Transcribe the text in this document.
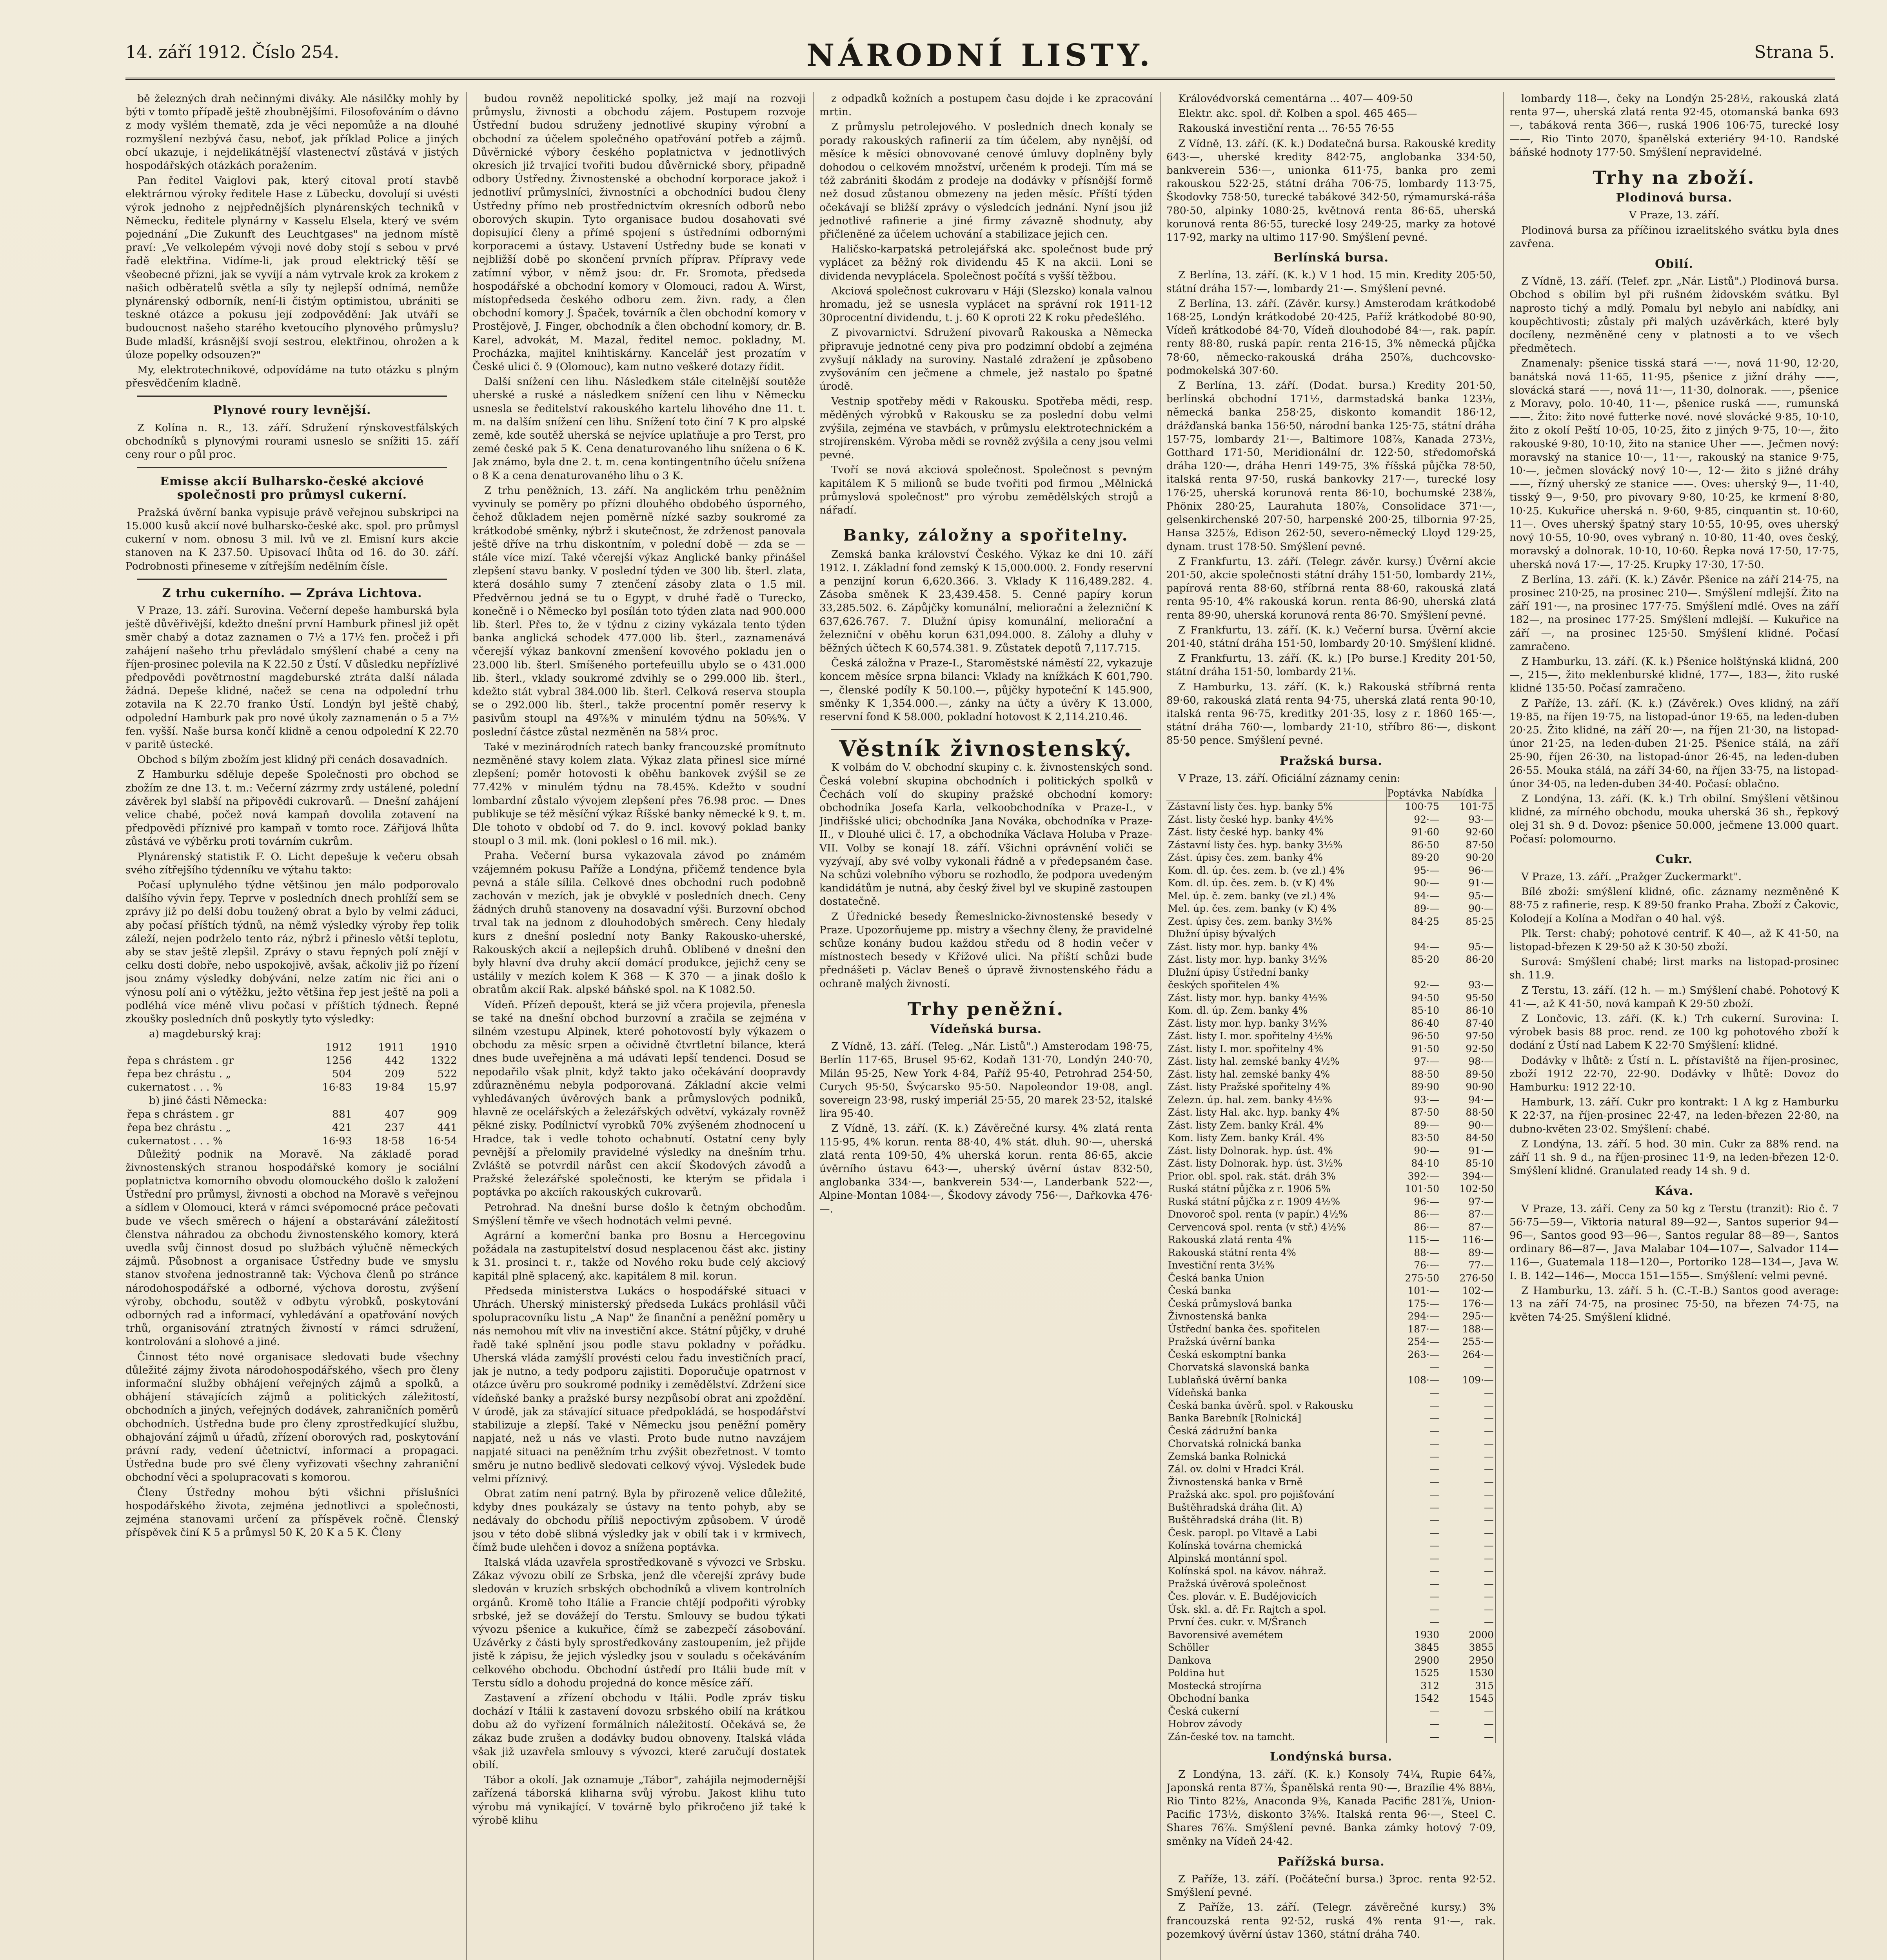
14. září 1912. Číslo 254.	NÁRODNÍ LISTY.	Strana 5.

bě železných drah nečinnými diváky. Ale násilčky mohly by býti v tomto případě ještě zhoubnějšími. Filosofováním o dávno z mody vyšlém thematě, zda je věci nepomůže a na dlouhé rozmyšlení nezbývá času, neboť, jak příklad Police a jiných obcí ukazuje, i nejdelikátnější vlastenectví zůstává v jistých hospodářských otázkách poražením.

Pan ředitel Vaiglovi pak, který citoval protí stavbě elektrárnou výroky ředitele Hase z Lübecku, dovolují si uvésti výrok jednoho z nejpřednějších plynárenských techniků v Německu, ředitele plynárny v Kasselu Elsela, který ve svém pojednání „Die Zukunft des Leuchtgases" na jednom místě praví: „Ve velkolepém vývoji nové doby stojí s sebou v prvé řadě elektřina. Vidíme-li, jak proud elektrický těší se všeobecné přízni, jak se vyvíjí a nám vytrvale krok za krokem z našich odběratelů světla a síly ty nejlepší odnímá, nemůže plynárenský odborník, není-li čistým optimistou, ubrániti se teskné otázce a pokusu její zodpovědění: Jak utváří se budoucnost našeho starého kvetoucího plynového průmyslu? Bude mladší, krásnější svojí sestrou, elektřinou, ohrožen a k úloze popelky odsouzen?"

My, elektrotechnikové, odpovídáme na tuto otázku s plným přesvědčením kladně.

Plynové roury levnější.

Z Kolína n. R., 13. září. Sdružení rýnskovestfálských obchodníků s plynovými rourami usneslo se snížiti 15. září ceny rour o půl proc.

Emisse akcií Bulharsko-české akciové společnosti pro průmysl cukerní.

Pražská úvěrní banka vypisuje právě veřejnou subskripci na 15.000 kusů akcií nové bulharsko-české akc. spol. pro průmysl cukerní v nom. obnosu 3 mil. lvů ve zl. Emisní kurs akcie stanoven na K 237.50. Upisovací lhůta od 16. do 30. září. Podrobnosti přineseme v zítřejším nedělním čísle.

Z trhu cukerního. — Zpráva Lichtova.

V Praze, 13. září. Surovina. Večerní depeše hamburská byla ještě důvěřivější, kdežto dnešní první Hamburk přinesl již opět směr chabý a dotaz zaznamen o 7½ a 17½ fen. pročež i při zahájení našeho trhu převládalo smýšlení chabé a ceny na říjen-prosinec polevila na K 22.50 z Ústí. V důsledku nepřízlivé předpovědi povětrnostní magdeburské ztráta další nálada žádná. Depeše klidné, načež se cena na odpolední trhu zotavila na K 22.70 franko Ústí. Londýn byl ještě chabý, odpolední Hamburk pak pro nové úkoly zaznamenán o 5 a 7½ fen. vyšší. Naše bursa končí klidně a cenou odpolední K 22.70 v paritě ústecké.

Obchod s bílým zbožím jest klidný při cenách dosavadních.

Z Hamburku sděluje depeše Společnosti pro obchod se zbožím ze dne 13. t. m.: Večerní zázrmy zrdy ustálené, polední závěrek byl slabší na připovědi cukrovarů. — Dnešní zahájení velice chabé, počež nová kampaň dovolila zotavení na předpovědi příznivé pro kampaň v tomto roce. Zářijová lhůta zůstává ve výběrku proti továrním cukrům.

Plynárenský statistik F. O. Licht depešuje k večeru obsah svého zítřejšího týdenníku ve výtahu takto:

Počasí uplynulého týdne většinou jen málo podporovalo dalšího vývin řepy. Teprve v posledních dnech prohlíží sem se zprávy již po delší dobu toužený obrat a bylo by velmi záduci, aby počasí příštích týdnů, na němž výsledky výroby řep tolik záleží, nejen podrželo tento ráz, nýbrž i přineslo větší teplotu, aby se stav ještě zlepšil. Zprávy o stavu řepných polí znějí v celku dosti dobře, nebo uspokojivě, avšak, ačkoliv již po řízení jsou známy výsledky dobývání, nelze zatím nic říci ani o výnosu polí ani o výtěžku, ježto většina řep jest ještě na poli a podléhá více méně vlivu počasí v příštích týdnech. Řepné zkoušky posledních dnů poskytly tyto výsledky:

a) magdeburský kraj:
	1912	1911	1910
řepa s chrástem . gr	1256	442	1322
řepa bez chrástu . „	504	209	522
cukernatost . . . %	16·83	19·84	15.97
b) jiné části Německa:
řepa s chrástem . gr	881	407	909
řepa bez chrástu . „	421	237	441
cukernatost . . . %	16·93	18·58	16·54

Důležitý podnik na Moravě. Na základě porad živnostenských stranou hospodářské komory je sociální poplatnictva komorního obvodu olomouckého došlo k založení Ústřední pro průmysl, živnosti a obchod na Moravě s veřejnou a sídlem v Olomouci, která v rámci svépomocné práce pečovati bude ve všech směrech o hájení a obstarávání záležitostí členstva náhradou za obchodu živnostenského komory, která uvedla svůj činnost dosud po službách výlučně německých zájmů. Působnost a organisace Ústředny bude ve smyslu stanov stvořena jednostranně tak: Výchova členů po stránce národohospodářské a odborné, výchova dorostu, zvýšení výroby, obchodu, soutěž v odbytu výrobků, poskytování odborných rad a informací, vyhledávání a opatřování nových trhů, organisování ztratných živností v rámci sdružení, kontrolování a slohové a jiné.

Činnost této nové organisace sledovati bude všechny důležité zájmy života národohospodářského, všech pro členy informační služby obhájení veřejných zájmů a spolků, a obhájení stávajících zájmů a politických záležitostí, obchodních a jiných, veřejných dodávek, zahraničních poměrů obchodních. Ústředna bude pro členy zprostředkující službu, obhajování zájmů u úřadů, zřízení oborových rad, poskytování právní rady, vedení účetnictví, informací a propagaci. Ústředna bude pro své členy vyřizovati všechny zahraniční obchodní věci a spolupracovati s komorou.

Členy Ústředny mohou býti všichni příslušníci hospodářského života, zejména jednotlivci a společnosti, zejména stanovami určení za příspěvek ročně. Členský příspěvek činí K 5 a průmysl 50 K, 20 K a 5 K. Členy

budou rovněž nepolitické spolky, jež mají na rozvoji průmyslu, živnosti a obchodu zájem. Postupem rozvoje Ústřední budou sdruženy jednotlivé skupiny výrobní a obchodní za účelem společného opatřování potřeb a zájmů. Důvěrnické výbory českého poplatnictva v jednotlivých okresích již trvající tvořiti budou důvěrnické sbory, připadně odbory Ústředny. Živnostenské a obchodní korporace jakož i jednotliví průmyslníci, živnostníci a obchodníci budou členy Ústředny přímo neb prostřednictvím okresních odborů nebo oborových skupin. Tyto organisace budou dosahovati své dopisující členy a přímé spojení s ústředními odbornými korporacemi a ústavy. Ustavení Ústředny bude se konati v nejbližší době po skončení prvních příprav. Přípravy vede zatímní výbor, v němž jsou: dr. Fr. Sromota, předseda hospodářské a obchodní komory v Olomouci, radou A. Wirst, místopředseda českého odboru zem. živn. rady, a člen obchodní komory J. Špaček, továrník a člen obchodní komory v Prostějově, J. Finger, obchodník a člen obchodní komory, dr. B. Karel, advokát, M. Mazal, ředitel nemoc. pokladny, M. Procházka, majitel knihtiskárny. Kancelář jest prozatím v České ulici č. 9 (Olomouc), kam nutno veškeré dotazy řídit.

Další snížení cen lihu. Následkem stále citelnější soutěže uherské a ruské a následkem snížení cen lihu v Německu usnesla se ředitelství rakouského kartelu lihového dne 11. t. m. na dalším snížení cen lihu. Snížení toto činí 7 K pro alpské země, kde soutěž uherská se nejvíce uplatňuje a pro Terst, pro zemé české pak 5 K. Cena denaturovaného lihu snížena o 6 K. Jak známo, byla dne 2. t. m. cena kontingentního účelu snížena o 8 K a cena denaturovaného lihu o 3 K.

Z trhu peněžních, 13. září. Na anglickém trhu peněžním vyvinuly se poměry po přízni dlouhého obdobého úsporného, čehož důkladem nejen poměrně nízké sazby soukromé za krátkodobé směnky, nýbrž i skutečnost, že zdrženost panovala ještě dříve na trhu diskontním, v polední době — zda se — stále více mizí. Také včerejší výkaz Anglické banky přinášel zlepšení stavu banky. V poslední týden ve 300 lib. šterl. zlata, která dosáhlo sumy 7 ztenčení zásoby zlata o 1.5 mil. Předvěrnou jedná se tu o Egypt, v druhé řadě o Turecko, konečně i o Německo byl posílán toto týden zlata nad 900.000 lib. šterl. Přes to, že v týdnu z ciziny vykázala tento týden banka anglická schodek 477.000 lib. šterl., zaznamenává včerejší výkaz bankovní zmenšení kovového pokladu jen o 23.000 lib. šterl. Smíšeného portefeuillu ubylo se o 431.000 lib. šterl., vklady soukromé zdvihly se o 299.000 lib. šterl., kdežto stát vybral 384.000 lib. šterl. Celková reserva stoupla se o 292.000 lib. šterl., takže procentní poměr reservy k pasivům stoupl na 49⅞% v minulém týdnu na 50⅝%. V poslední částce zůstal nezměněn na 58¼ proc.

Také v mezinárodních ratech banky francouzské promítnuto nezměněné stavy kolem zlata. Výkaz zlata přinesl sice mírné zlepšení; poměr hotovosti k oběhu bankovek zvýšil se ze 77.42% v minulém týdnu na 78.45%. Kdežto v soudní lombardní zůstalo vývojem zlepšení přes 76.98 proc. — Dnes publikuje se též měsíční výkaz Říšské banky německé k 9. t. m. Dle tohoto v období od 7. do 9. incl. kovový poklad banky stoupl o 3 mil. mk. (loni poklesl o 16 mil. mk.).

Praha. Večerní bursa vykazovala závod po známém vzájemném pokusu Paříže a Londýna, přičemž tendence byla pevná a stále sílila. Celkové dnes obchodní ruch podobně zachován v mezích, jak je obvyklé v posledních dnech. Ceny žádných druhů stanoveny na dosavadní výši. Burzovní obchod trval tak na jednom z dlouhodobých směrech. Ceny hledaly kurs z dnešní poslední noty Banky Rakousko-uherské, Rakouských akcií a nejlepších druhů. Oblíbené v dnešní den byly hlavní dva druhy akcií domácí produkce, jejichž ceny se ustálily v mezích kolem K 368 — K 370 — a jinak došlo k obratům akcií Rak. alpské báňské spol. na K 1082.50.

Vídeň. Přízeň depoušt, která se již včera projevila, přenesla se také na dnešní obchod burzovní a zračila se zejména v silném vzestupu Alpinek, které pohotovostí byly výkazem o obchodu za měsíc srpen a očividně čtvrtletní bilance, která dnes bude uveřejněna a má udávati lepší tendenci. Dosud se nepodařilo však plnit, když takto jako očekávání doopravdy zdůrazněnému nebyla podporovaná. Základní akcie velmi vyhledávaných úvěrových bank a průmyslových podniků, hlavně ze ocelářských a železářských odvětví, vykázaly rovněž pěkné zisky. Podílnictví vyrobků 70% zvýšeném zhodnocení u Hradce, tak i vedle tohoto ochabnutí. Ostatní ceny byly pevnější a přelomily pravidelné výsledky na dnešním trhu. Zvláště se potvrdil nárůst cen akcií Škodových závodů a Pražské železářské společnosti, ke kterým se přidala i poptávka po akciích rakouských cukrovarů.

Petrohrad. Na dnešní burse došlo k četným obchodům. Smýšlení těmře ve všech hodnotách velmi pevné.

Agrární a komerční banka pro Bosnu a Hercegovinu požádala na zastupitelství dosud nesplacenou část akc. jistiny k 31. prosinci t. r., takže od Nového roku bude celý akciový kapitál plně splacený, akc. kapitálem 8 mil. korun.

Předseda ministerstva Lukács o hospodářské situaci v Uhrách. Uherský ministerský předseda Lukács prohlásil vůči spolupracovníku listu „A Nap" že finanční a peněžní poměry u nás nemohou mít vliv na investiční akce. Státní půjčky, v druhé řadě také splnění jsou podle stavu pokladny v pořádku. Uherská vláda zamýšlí provésti celou řadu investičních prací, jak je nutno, a tedy podporu zajistiti. Doporučuje opatrnost v otázce úvěru pro soukromé podniky i zemědělství. Zdržení sice vídeňské banky a pražské bursy nezpůsobí obrat ani zpoždění. V úrodě, jak za stávající situace předpokládá, se hospodářství stabilizuje a zlepší. Také v Německu jsou peněžní poměry napjaté, než u nás ve vlasti. Proto bude nutno navzájem napjaté situaci na peněžním trhu zvýšit obezřetnost. V tomto směru je nutno bedlivě sledovati celkový vývoj. Výsledek bude velmi příznivý.

Obrat zatím není patrný. Byla by přirozeně velice důležité, kdyby dnes poukázaly se ústavy na tento pohyb, aby se nedávaly do obchodu příliš nepoctivým způsobem. V úrodě jsou v této době slibná výsledky jak v obilí tak i v krmivech, čímž bude ulehčen i dovoz a snížena poptávka.

Italská vláda uzavřela sprostředkovaně s vývozci ve Srbsku. Zákaz vývozu obilí ze Srbska, jenž dle včerejší zprávy bude sledován v kruzích srbských obchodníků a vlivem kontrolních orgánů. Kromě toho Itálie a Francie chtějí podpořiti výrobky srbské, jež se dovážejí do Terstu. Smlouvy se budou týkati vývozu pšenice a kukuřice, čímž se zabezpečí zásobování. Uzávěrky z části byly sprostředkovány zastoupením, jež přijde jistě k zápisu, že jejich výsledky jsou v souladu s očekáváním celkového obchodu. Obchodní ústředí pro Itálii bude mít v Terstu sídlo a dohodu projedná do konce měsíce září.

Zastavení a zřízení obchodu v Itálii. Podle zpráv tisku dochází v Itálii k zastavení dovozu srbského obilí na krátkou dobu až do vyřízení formálních náležitostí. Očekává se, že zákaz bude zrušen a dodávky budou obnoveny. Italská vláda však již uzavřela smlouvy s vývozci, které zaručují dostatek obilí.

Tábor a okolí. Jak oznamuje „Tábor", zahájila nejmodernější zařízená táborská kliharna svůj výrobu. Jakost klihu tuto výrobu má vynikající. V továrně bylo přikročeno již také k výrobě klihu

z odpadků kožních a postupem času dojde i ke zpracování mrtin.

Z průmyslu petrolejového. V posledních dnech konaly se porady rakouských rafinerií za tím účelem, aby nynější, od měsíce k měsíci obnovované cenové úmluvy doplněny byly dohodou o celkovém množství, určeném k prodeji. Tím má se též zabrániti škodám z prodeje na dodávky v přísnější formě než dosud zůstanou obmezeny na jeden měsíc. Příští týden očekávají se bližší zprávy o výsledcích jednání. Nyní jsou již jednotlivé rafinerie a jiné firmy závazně shodnuty, aby přičleněné za účelem uchování a stabilizace jejich cen.

Haličsko-karpatská petrolejářská akc. společnost bude prý vyplácet za běžný rok dividendu 45 K na akcii. Loni se dividenda nevyplácela. Společnost počítá s vyšší těžbou.

Akciová společnost cukrovaru v Háji (Slezsko) konala valnou hromadu, jež se usnesla vyplácet na správní rok 1911-12 30procentní dividendu, t. j. 60 K oproti 22 K roku předešlého.

Z pivovarnictví. Sdružení pivovarů Rakouska a Německa připravuje jednotné ceny piva pro podzimní období a zejména zvyšují náklady na suroviny. Nastalé zdražení je způsobeno zvyšováním cen ječmene a chmele, jež nastalo po špatné úrodě.

Vestnip spotřeby mědi v Rakousku. Spotřeba mědi, resp. měděných výrobků v Rakousku se za poslední dobu velmi zvýšila, zejména ve stavbách, v průmyslu elektrotechnickém a strojírenském. Výroba mědi se rovněž zvýšila a ceny jsou velmi pevné.

Tvoří se nová akciová společnost. Společnost s pevným kapitálem K 5 milionů se bude tvořiti pod firmou „Mělnická průmyslová společnost" pro výrobu zemědělských strojů a nářadí.

Banky, záložny a spořitelny.

Zemská banka království Českého. Výkaz ke dni 10. září 1912. I. Základní fond zemský K 15,000.000. 2. Fondy reservní a penzijní korun 6,620.366. 3. Vklady K 116,489.282. 4. Zásoba směnek K 23,439.458. 5. Cenné papíry korun 33,285.502. 6. Zápůjčky komunální, meliorační a železniční K 637,626.767. 7. Dlužní úpisy komunální, meliorační a železniční v oběhu korun 631,094.000. 8. Zálohy a dluhy v běžných účtech K 60,574.381. 9. Zůstatek depotů 7,117.715.

Česká záložna v Praze-I., Staroměstské náměstí 22, vykazuje koncem měsíce srpna bilanci: Vklady na knížkách K 601,790.—, členské podíly K 50.100.—, půjčky hypoteční K 145.900, směnky K 1,354.000.—, zánky na účty a úvěry K 13.000, reservní fond K 58.000, pokladní hotovost K 2,114.210.46.

Věstník živnostenský.

K volbám do V. obchodní skupiny c. k. živnostenských sond. Česká volební skupina obchodních i politických spolků v Čechách volí do skupiny pražské obchodní komory: obchodníka Josefa Karla, velkoobchodníka v Praze-I., v Jindřišské ulici; obchodníka Jana Nováka, obchodníka v Praze-II., v Dlouhé ulici č. 17, a obchodníka Václava Holuba v Praze-VII. Volby se konají 18. září. Všichni oprávnění voliči se vyzývají, aby své volby vykonali řádně a v předepsaném čase. Na schůzi volebního výboru se rozhodlo, že podpora uvedeným kandidátům je nutná, aby český živel byl ve skupině zastoupen dostatečně.

Z Úřednické besedy Řemeslnicko-živnostenské besedy v Praze. Upozorňujeme pp. mistry a všechny členy, že pravidelné schůze konány budou každou středu od 8 hodin večer v místnostech besedy v Křížové ulici. Na příští schůzi bude přednášeti p. Václav Beneš o úpravě živnostenského řádu a ochraně malých živností.

Trhy peněžní.
Vídeňská bursa.

Z Vídně, 13. září. (Teleg. „Nár. Listů".) Amsterodam 198·75, Berlín 117·65, Brusel 95·62, Kodaň 131·70, Londýn 240·70, Milán 95·25, New York 4·84, Paříž 95·40, Petrohrad 254·50, Curych 95·50, Švýcarsko 95·50. Napoleondor 19·08, angl. sovereign 23·98, ruský imperiál 25·55, 20 marek 23·52, italské lira 95·40.

Z Vídně, 13. září. (K. k.) Závěrečné kursy. 4% zlatá renta 115·95, 4% korun. renta 88·40, 4% stát. dluh. 90·—, uherská zlatá renta 109·50, 4% uherská korun. renta 86·65, akcie úvěrního ústavu 643·—, uherský úvěrní ústav 832·50, anglobanka 334·—, bankverein 534·—, Landerbank 522·—, Alpine-Montan 1084·—, Škodovy závody 756·—, Dařkovka 476·—.

Královédvorská cementárna ... 407— 409·50

Elektr. akc. spol. dř. Kolben a spol. 465 465—

Rakouská investiční renta ... 76·55 76·55

Z Vídně, 13. září. (K. k.) Dodatečná bursa. Rakouské kredity 643·—, uherské kredity 842·75, anglobanka 334·50, bankverein 536·—, unionka 611·75, banka pro zemi rakouskou 522·25, státní dráha 706·75, lombardy 113·75, Škodovky 758·50, turecké tabákové 342·50, rýmamurská-ráša 780·50, alpinky 1080·25, květnová renta 86·65, uherská korunová renta 86·55, turecké losy 249·25, marky za hotové 117·92, marky na ultimo 117·90. Smýšlení pevné.

Berlínská bursa.

Z Berlína, 13. září. (K. k.) V 1 hod. 15 min. Kredity 205·50, státní dráha 157·—, lombardy 21·—. Smýšlení pevné.

Z Berlína, 13. září. (Závěr. kursy.) Amsterodam krátkodobé 168·25, Londýn krátkodobé 20·425, Paříž krátkodobé 80·90, Vídeň krátkodobé 84·70, Vídeň dlouhodobé 84·—, rak. papír. renty 88·80, ruská papír. renta 216·15, 3% německá půjčka 78·60, německo-rakouská dráha 250⅞, duchcovsko-podmokelská 307·60.

Z Berlína, 13. září. (Dodat. bursa.) Kredity 201·50, berlínská obchodní 171½, darmstadská banka 123⅛, německá banka 258·25, diskonto komandit 186·12, drážďanská banka 156·50, národní banka 125·75, státní dráha 157·75, lombardy 21·—, Baltimore 108⅞, Kanada 273½, Gotthard 171·50, Meridionální dr. 122·50, středomořská dráha 120·—, dráha Henri 149·75, 3% říšská půjčka 78·50, italská renta 97·50, ruská bankovky 217·—, turecké losy 176·25, uherská korunová renta 86·10, bochumské 238⅞, Phönix 280·25, Laurahuta 180⅞, Consolidace 371·—, gelsenkirchenské 207·50, harpenské 200·25, tilbornia 97·25, Hansa 325⅞, Edison 262·50, severo-německý Lloyd 129·25, dynam. trust 178·50. Smýšlení pevné.

Z Frankfurtu, 13. září. (Telegr. závěr. kursy.) Úvěrní akcie 201·50, akcie společnosti státní dráhy 151·50, lombardy 21½, papírová renta 88·60, stříbrná renta 88·60, rakouská zlatá renta 95·10, 4% rakouská korun. renta 86·90, uherská zlatá renta 89·90, uherská korunová renta 86·70. Smýšlení pevné.

Z Frankfurtu, 13. září. (K. k.) Večerní bursa. Úvěrní akcie 201·40, státní dráha 151·50, lombardy 20·10. Smýšlení klidné.

Z Frankfurtu, 13. září. (K. k.) [Po burse.] Kredity 201·50, státní dráha 151·50, lombardy 21⅛.

Z Hamburku, 13. září. (K. k.) Rakouská stříbrná renta 89·60, rakouská zlatá renta 94·75, uherská zlatá renta 90·10, italská renta 96·75, kreditky 201·35, losy z r. 1860 165·—, státní dráha 760·—, lombardy 21·10, stříbro 86·—, diskont 85·50 pence. Smýšlení pevné.

Pražská bursa.

V Praze, 13. září. Oficiální záznamy cenin:

	Poptávka	Nabídka
Zástavní listy čes. hyp. banky 5%	100·75	101·75
Zást. listy české hyp. banky 4½%	92·—	93·—
Zást. listy české hyp. banky 4%	91·60	92·60
Zástavní listy čes. hyp. banky 3½%	86·50	87·50
Zást. úpisy čes. zem. banky 4%	89·20	90·20
Kom. dl. úp. čes. zem. b. (ve zl.) 4%	95·—	96·—
Kom. dl. úp. čes. zem. b. (v K) 4%	90·—	91·—
Mel. úp. č. zem. banky (ve zl.) 4%	94·—	95·—
Mel. úp. čes. zem. banky (v K) 4%	89·—	90·—
Zest. úpisy čes. zem. banky 3½%	84·25	85·25
Dlužní úpisy bývalých		
Zást. listy mor. hyp. banky 4%	94·—	95·—
Zást. listy mor. hyp. banky 3½%	85·20	86·20
Dlužní úpisy Ústřední banky		
českých spořitelen 4%	92·—	93·—
Zást. listy mor. hyp. banky 4½%	94·50	95·50
Kom. dl. úp. Zem. banky 4%	85·10	86·10
Zást. listy mor. hyp. banky 3½%	86·40	87·40
Zást. listy I. mor. spořitelny 4½%	96·50	97·50
Zást. listy I. mor. spořitelny 4%	91·50	92·50
Zást. listy hal. zemské banky 4½%	97·—	98·—
Zást. listy hal. zemské banky 4%	88·50	89·50
Zást. listy Pražské spořitelny 4%	89·90	90·90
Zelezn. úp. hal. zem. banky 4½%	93·—	94·—
Zást. listy Hal. akc. hyp. banky 4%	87·50	88·50
Zást. listy Zem. banky Král. 4%	89·—	90·—
Kom. listy Zem. banky Král. 4%	83·50	84·50
Zást. listy Dolnorak. hyp. úst. 4%	90·—	91·—
Zást. listy Dolnorak. hyp. úst. 3½%	84·10	85·10
Prior. obl. spol. rak. stát. dráh 3%	392·—	394·—
Ruská státní půjčka z r. 1906 5%	101·50	102·50
Ruská státní půjčka z r. 1909 4½%	96·—	97·—
Dnovoroč spol. renta (v papír.) 4½%	86·—	87·—
Cervencová spol. renta (v stř.) 4½%	86·—	87·—
Rakouská zlatá renta 4%	115·—	116·—
Rakouská státní renta 4%	88·—	89·—
Investiční renta 3½%	76·—	77·—
Česká banka Union	275·50	276·50
Česká banka	101·—	102·—
Česká průmyslová banka	175·—	176·—
Živnostenská banka	294·—	295·—
Ústřední banka čes. spořitelen	187·—	188·—
Pražská úvěrní banka	254·—	255·—
Česká eskomptní banka	263·—	264·—
Chorvatská slavonská banka	—	—
Lublaňská úvěrní banka	108·—	109·—
Vídeňská banka	—	—
Česká banka úvěrů. spol. v Rakousku	—	—
Banka Barebník [Rolnická]	—	—
Česká zádružní banka	—	—
Chorvatská rolnická banka	—	—
Zemská banka Rolnická	—	—
Zál. ov. dolni v Hradci Král.	—	—
Živnostenská banka v Brně	—	—
Pražská akc. spol. pro pojišťování	—	—
Buštěhradská dráha (lit. A)	—	—
Buštěhradská dráha (lit. B)	—	—
Česk. paropl. po Vltavě a Labi	—	—
Kolínská továrna chemická	—	—
Alpinská montánní spol.	—	—
Kolínská spol. na kávov. náhraž.	—	—
Pražská úvěrová společnost	—	—
Čes. plovár. v. E. Budějovicích	—	—
Úsk. skl. a. dř. Fr. Rajtch a spol.	—	—
První čes. cukr. v. M/Šranch	—	—
Bavorensivé avemétem	1930	2000
Schöller	3845	3855
Dankova	2900	2950
Poldina hut	1525	1530
Mostecká strojírna	312	315
Obchodní banka	1542	1545
Česká cukerní	—	—
Hobrov závody	—	—
Zán-české tov. na tamcht.	—	—
Londýnská bursa.

Z Londýna, 13. září. (K. k.) Konsoly 74¼, Rupie 64⅞, Japonská renta 87⅞, Španělská renta 90·—, Brazílie 4% 88⅛, Rio Tinto 82⅛, Anaconda 9⅜, Kanada Pacific 281⅞, Union-Pacific 173½, diskonto 3⅞%. Italská renta 96·—, Steel C. Shares 76⅞. Smýšlení pevné. Banka zámky hotový 7·09, směnky na Vídeň 24·42.

Pařížská bursa.

Z Paříže, 13. září. (Počáteční bursa.) 3proc. renta 92·52. Smýšlení pevné.

Z Paříže, 13. září. (Telegr. závěrečné kursy.) 3% francouzská renta 92·52, ruská 4% renta 91·—, rak. pozemkový úvěrní ústav 1360, státní dráha 740.

lombardy 118—, čeky na Londýn 25·28½, rakouská zlatá renta 97—, uherská zlatá renta 92·45, otomanská banka 693—, tabáková renta 366—, ruská 1906 106·75, turecké losy ——, Rio Tinto 2070, španělská exteriéry 94·10. Randské báňské hodnoty 177·50. Smýšlení nepravidelné.

Trhy na zboží.
Plodinová bursa.
V Praze, 13. září.

Plodinová bursa za příčinou izraelitského svátku byla dnes zavřena.

Obilí.

Z Vídně, 13. září. (Telef. zpr. „Nár. Listů".) Plodinová bursa. Obchod s obilím byl při rušném židovském svátku. Byl naprosto tichý a mdlý. Pomalu byl nebylo ani nabídky, ani koupěchtivosti; zůstaly při malých uzávěrkách, které byly docíleny, nezměněné ceny v platnosti a to ve všech předmětech.

Znamenaly: pšenice tisská stará —·—, nová 11·90, 12·20, banátská nová 11·65, 11·95, pšenice z jižní dráhy ——, slovácká stará ——, nová 11·—, 11·30, dolnorak. ——, pšenice z Moravy, polo. 10·40, 11·—, pšenice ruská ——, rumunská ——. Žito: žito nové futterke nové. nové slovácké 9·85, 10·10, žito z okolí Peští 10·05, 10·25, žito z jiných 9·75, 10·—, žito rakouské 9·80, 10·10, žito na stanice Uher ——. Ječmen nový: moravský na stanice 10·—, 11·—, rakouský na stanice 9·75, 10·—, ječmen slovácký nový 10·—, 12·— žito s jižné dráhy ——, řízný uherský ze stanice ——. Oves: uherský 9—, 11·40, tisský 9—, 9·50, pro pivovary 9·80, 10·25, ke krmení 8·80, 10·25. Kukuřice uherská n. 9·60, 9·85, cinquantin st. 10·60, 11—. Oves uherský špatný stary 10·55, 10·95, oves uherský nový 10·55, 10·90, oves vybraný n. 10·80, 11·40, oves český, moravský a dolnorak. 10·10, 10·60. Řepka nová 17·50, 17·75, uherská nová 17·—, 17·25. Krupky 17·30, 17·50.

Z Berlína, 13. září. (K. k.) Závěr. Pšenice na září 214·75, na prosinec 210·25, na prosinec 210—. Smýšlení mdlejší. Žito na září 191·—, na prosinec 177·75. Smýšlení mdlé. Oves na září 182—, na prosinec 177·25. Smýšlení mdlejší. — Kukuřice na září —, na prosinec 125·50. Smýšlení klidné. Počasí zamračeno.

Z Hamburku, 13. září. (K. k.) Pšenice holštýnská klidná, 200—, 215—, žito meklenburské klidné, 177—, 183—, žito ruské klidné 135·50. Počasí zamračeno.

Z Paříže, 13. září. (K. k.) (Závěrek.) Oves klidný, na září 19·85, na říjen 19·75, na listopad-únor 19·65, na leden-duben 20·25. Žito klidné, na září 20·—, na říjen 21·30, na listopad-únor 21·25, na leden-duben 21·25. Pšenice stálá, na září 25·90, říjen 26·30, na listopad-únor 26·45, na leden-duben 26·55. Mouka stálá, na září 34·60, na říjen 33·75, na listopad-únor 34·05, na leden-duben 34·40. Počasí: oblačno.

Z Londýna, 13. září. (K. k.) Trh obilní. Smýšlení většinou klidné, za mírného obchodu, mouka uherská 36 sh., řepkový olej 31 sh. 9 d. Dovoz: pšenice 50.000, ječmene 13.000 quart. Počasí: polomourno.

Cukr.

V Praze, 13. září. „Pražger Zuckermarkt".

Bílé zboží: smýšlení klidné, ofic. záznamy nezměněné K 88·75 z rafinerie, resp. K 89·50 franko Praha. Zboží z Čakovic, Kolodejí a Kolína a Modřan o 40 hal. výš.

Plk. Terst: chabý; pohotové centrif. K 40—, až K 41·50, na listopad-březen K 29·50 až K 30·50 zboží.

Surová: Smýšlení chabé; lirst marks na listopad-prosinec sh. 11.9.

Z Terstu, 13. září. (12 h. — m.) Smýšlení chabé. Pohotový K 41·—, až K 41·50, nová kampaň K 29·50 zboží.

Z Lončovic, 13. září. (K. k.) Trh cukerní. Surovina: I. výrobek basis 88 proc. rend. ze 100 kg pohotového zboží k dodání z Ústí nad Labem K 22·70 Smýšlení: klidné.

Dodávky v lhůtě: z Ústí n. L. přístaviště na říjen-prosinec, zboží 1912 22·70, 22·90. Dodávky v lhůtě: Dovoz do Hamburku: 1912 22·10.

Hamburk, 13. září. Cukr pro kontrakt: 1 A kg z Hamburku K 22·37, na říjen-prosinec 22·47, na leden-březen 22·80, na dubno-květen 23·02. Smýšlení: chabé.

Z Londýna, 13. září. 5 hod. 30 min. Cukr za 88% rend. na září 11 sh. 9 d., na říjen-prosinec 11·9, na leden-březen 12·0. Smýšlení klidné. Granulated ready 14 sh. 9 d.

Káva.

V Praze, 13. září. Ceny za 50 kg z Terstu (tranzit): Rio č. 7 56·75—59—, Viktoria natural 89—92—, Santos superior 94—96—, Santos good 93—96—, Santos regular 88—89—, Santos ordinary 86—87—, Java Malabar 104—107—, Salvador 114—116—, Guatemala 118—120—, Portoriko 128—134—, Java W. I. B. 142—146—, Mocca 151—155—. Smýšlení: velmi pevné.

Z Hamburku, 13. září. 5 h. (C.-T.-B.) Santos good average: 13 na září 74·75, na prosinec 75·50, na březen 74·75, na květen 74·25. Smýšlení klidné.
